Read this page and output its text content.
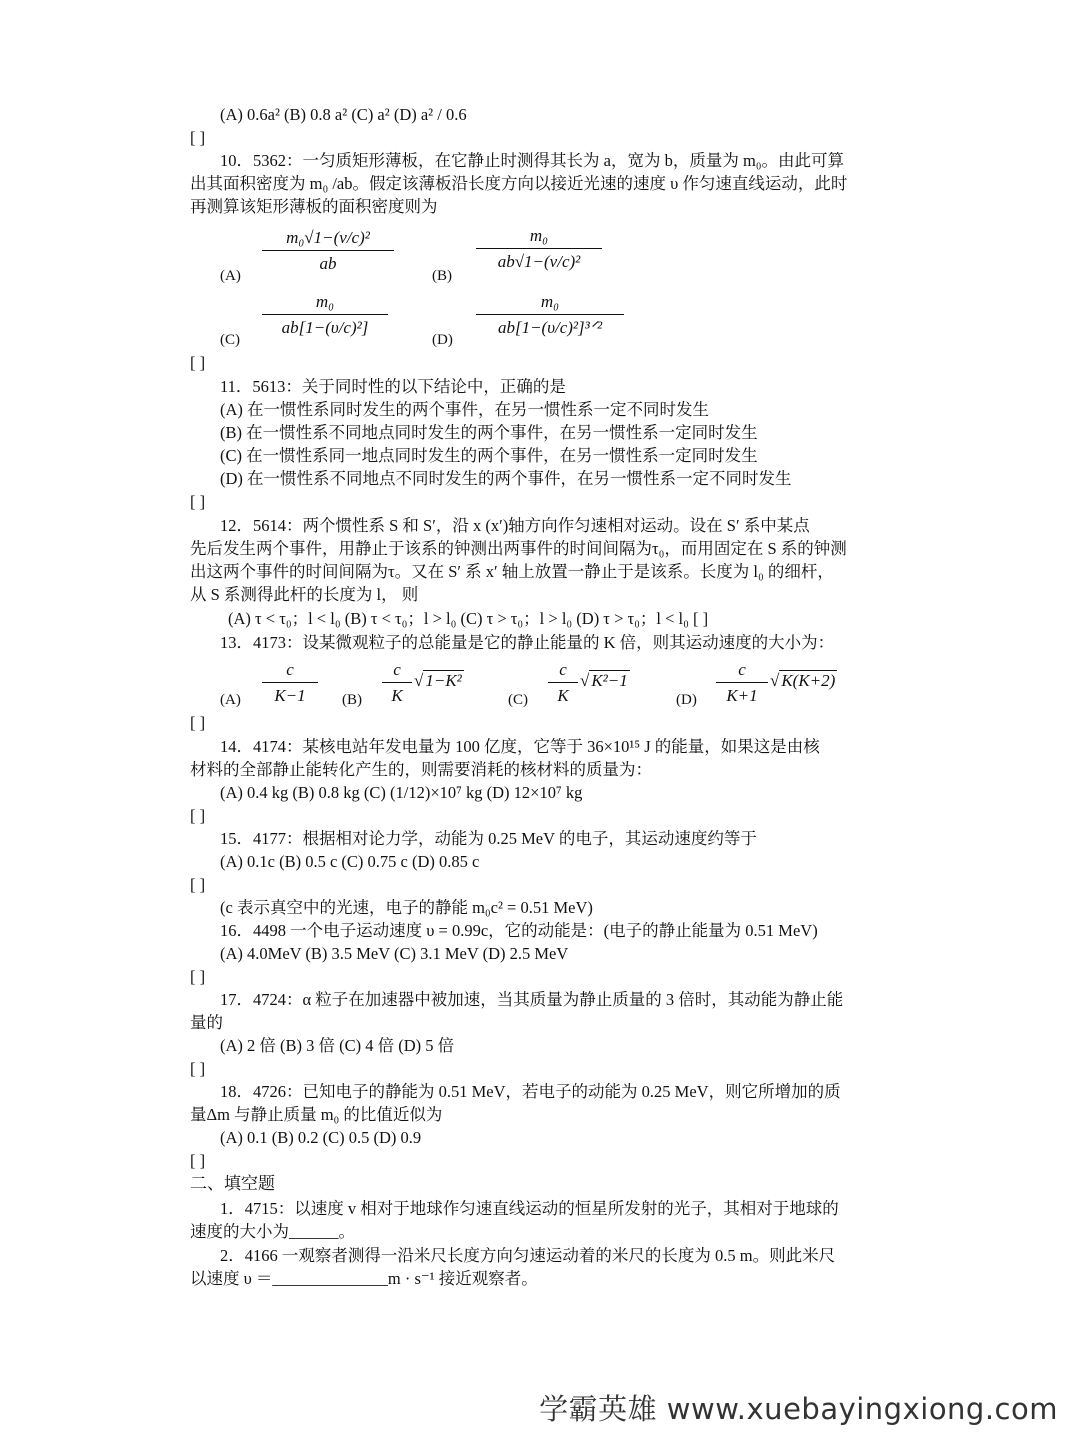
(A) 0.6a² (B) 0.8 a² (C) a² (D) a² / 0.6
[ ]
10．5362：一匀质矩形薄板，在它静止时测得其长为 a，宽为 b，质量为 m₀。由此可算
出其面积密度为 m₀ /ab。假定该薄板沿长度方向以接近光速的速度 υ 作匀速直线运动，此时
再测算该矩形薄板的面积密度则为
(A)
$\frac{\text{m₀√1−(v/c)²}}{ab}$
(B)
$\frac{\text{m₀}}{\text{ab√1−(v/c)²}}$
(C)
$\frac{\text{m₀}}{\text{ab[1−(υ/c)²]}}$
(D)
m₀
ab[1−(υ/c)²]³ᐟ²
[ ]
11．5613：关于同时性的以下结论中，正确的是
(A) 在一惯性系同时发生的两个事件，在另一惯性系一定不同时发生
(B) 在一惯性系不同地点同时发生的两个事件，在另一惯性系一定同时发生
(C) 在一惯性系同一地点同时发生的两个事件，在另一惯性系一定同时发生
(D) 在一惯性系不同地点不同时发生的两个事件，在另一惯性系一定不同时发生
[ ]
12．5614：两个惯性系 S 和 S′，沿 x (x′)轴方向作匀速相对运动。设在 S′ 系中某点
先后发生两个事件，用静止于该系的钟测出两事件的时间间隔为τ₀，而用固定在 S 系的钟测
出这两个事件的时间间隔为τ。又在 S′ 系 x′ 轴上放置一静止于是该系。长度为 l₀ 的细杆，
从 S 系测得此杆的长度为 l， 则
(A) τ < τ₀；l < l₀ (B) τ < τ₀；l > l₀ (C) τ > τ₀；l > l₀ (D) τ > τ₀；l < l₀ [ ]
13．4173：设某微观粒子的总能量是它的静止能量的 K 倍，则其运动速度的大小为：
$(A) \frac{c}{K-1} (B) \frac{c}{K}$ √ 1−K²
$(C) \frac{c}{K}$ √ K²−1
$(D) \frac{c}{K+1}$ √ K(K+2)
[ ]
14．4174：某核电站年发电量为 100 亿度，它等于 36×10¹⁵ J 的能量，如果这是由核
材料的全部静止能转化产生的，则需要消耗的核材料的质量为：
(A) 0.4 kg (B) 0.8 kg (C) (1/12)×10⁷ kg (D) 12×10⁷ kg
[ ]
15．4177：根据相对论力学，动能为 0.25 MeV 的电子，其运动速度约等于
(A) 0.1c (B) 0.5 c (C) 0.75 c (D) 0.85 c
[ ]
(c 表示真空中的光速，电子的静能 m₀c² = 0.51 MeV)
16．4498 一个电子运动速度 υ = 0.99c，它的动能是：(电子的静止能量为 0.51 MeV)
(A) 4.0MeV (B) 3.5 MeV (C) 3.1 MeV (D) 2.5 MeV
[ ]
17．4724：α 粒子在加速器中被加速，当其质量为静止质量的 3 倍时，其动能为静止能
量的
(A) 2 倍 (B) 3 倍 (C) 4 倍 (D) 5 倍
[ ]
18．4726：已知电子的静能为 0.51 MeV，若电子的动能为 0.25 MeV，则它所增加的质
量Δm 与静止质量 m₀ 的比值近似为
(A) 0.1 (B) 0.2 (C) 0.5 (D) 0.9
[ ]
二、填空题
1．4715：以速度 v 相对于地球作匀速直线运动的恒星所发射的光子，其相对于地球的
速度的大小为______。
2．4166 一观察者测得一沿米尺长度方向匀速运动着的米尺的长度为 0.5 m。则此米尺
以速度 υ ＝______________m · s⁻¹ 接近观察者。
学霸英雄 www.xuebayingxiong.com
